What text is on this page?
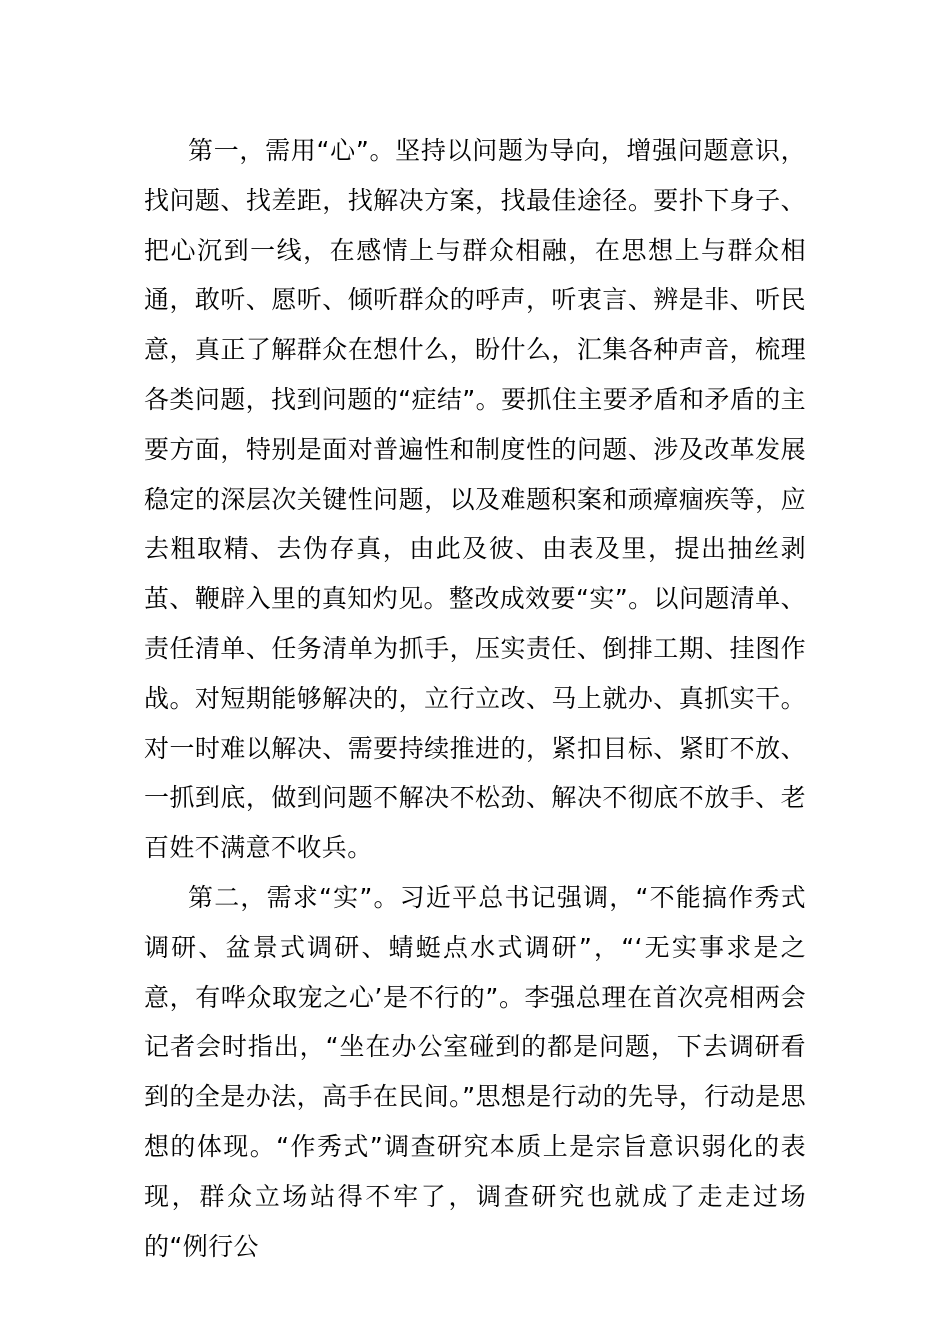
第一，需用“心”。坚持以问题为导向，增强问题意识，找问题、找差距，找解决方案，找最佳途径。要扑下身子、把心沉到一线，在感情上与群众相融，在思想上与群众相通，敢听、愿听、倾听群众的呼声，听衷言、辨是非、听民意，真正了解群众在想什么，盼什么，汇集各种声音，梳理各类问题，找到问题的“症结”。要抓住主要矛盾和矛盾的主要方面，特别是面对普遍性和制度性的问题、涉及改革发展稳定的深层次关键性问题，以及难题积案和顽瘴痼疾等，应去粗取精、去伪存真，由此及彼、由表及里，提出抽丝剥茧、鞭辟入里的真知灼见。整改成效要“实”。以问题清单、责任清单、任务清单为抓手，压实责任、倒排工期、挂图作战。对短期能够解决的，立行立改、马上就办、真抓实干。对一时难以解决、需要持续推进的，紧扣目标、紧盯不放、一抓到底，做到问题不解决不松劲、解决不彻底不放手、老百姓不满意不收兵。

第二，需求“实”。习近平总书记强调，“不能搞作秀式调研、盆景式调研、蜻蜓点水式调研”，“‘无实事求是之意，有哗众取宠之心’是不行的”。李强总理在首次亮相两会记者会时指出，“坐在办公室碰到的都是问题，下去调研看到的全是办法，高手在民间。”思想是行动的先导，行动是思想的体现。“作秀式”调查研究本质上是宗旨意识弱化的表现，群众立场站得不牢了，调查研究也就成了走走过场的“例行公
